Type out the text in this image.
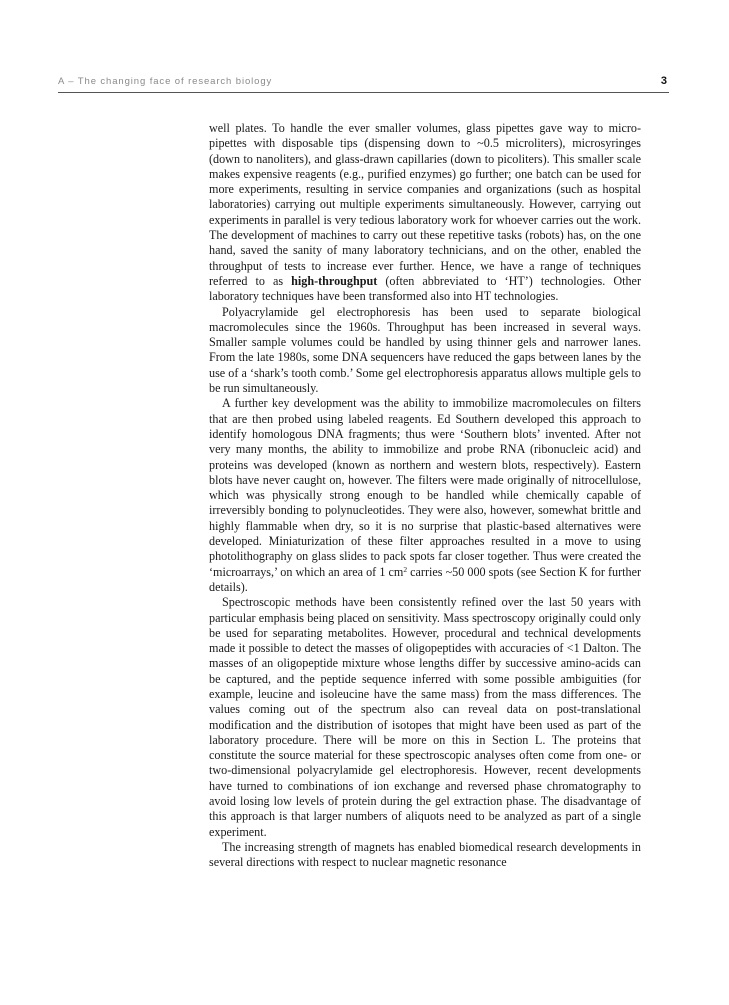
A – The changing face of research biology	3

well plates. To handle the ever smaller volumes, glass pipettes gave way to micro-pipettes with disposable tips (dispensing down to ~0.5 microliters), microsyringes (down to nanoliters), and glass-drawn capillaries (down to picoliters). This smaller scale makes expensive reagents (e.g., purified enzymes) go further; one batch can be used for more experiments, resulting in service companies and organizations (such as hospital laboratories) carrying out multiple experiments simultaneously. However, carrying out experiments in parallel is very tedious laboratory work for whoever carries out the work. The development of machines to carry out these repetitive tasks (robots) has, on the one hand, saved the sanity of many laboratory technicians, and on the other, enabled the throughput of tests to increase ever further. Hence, we have a range of techniques referred to as high-throughput (often abbreviated to ‘HT’) technologies. Other laboratory techniques have been transformed also into HT technologies.

Polyacrylamide gel electrophoresis has been used to separate biological macromolecules since the 1960s. Throughput has been increased in several ways. Smaller sample volumes could be handled by using thinner gels and narrower lanes. From the late 1980s, some DNA sequencers have reduced the gaps between lanes by the use of a ‘shark’s tooth comb.’ Some gel electrophoresis apparatus allows multiple gels to be run simultaneously.

A further key development was the ability to immobilize macromolecules on filters that are then probed using labeled reagents. Ed Southern developed this approach to identify homologous DNA fragments; thus were ‘Southern blots’ invented. After not very many months, the ability to immobilize and probe RNA (ribonucleic acid) and proteins was developed (known as northern and western blots, respectively). Eastern blots have never caught on, however. The filters were made originally of nitrocellulose, which was physically strong enough to be handled while chemically capable of irreversibly bonding to polynucleotides. They were also, however, somewhat brittle and highly flammable when dry, so it is no surprise that plastic-based alternatives were developed. Miniaturization of these filter approaches resulted in a move to using photolithography on glass slides to pack spots far closer together. Thus were created the ‘microarrays,’ on which an area of 1 $cm^2$ carries ~50 000 spots (see Section K for further details).

Spectroscopic methods have been consistently refined over the last 50 years with particular emphasis being placed on sensitivity. Mass spectroscopy originally could only be used for separating metabolites. However, procedural and technical developments made it possible to detect the masses of oligopeptides with accuracies of <1 Dalton. The masses of an oligopeptide mixture whose lengths differ by successive amino-acids can be captured, and the peptide sequence inferred with some possible ambiguities (for example, leucine and isoleucine have the same mass) from the mass differences. The values coming out of the spectrum also can reveal data on post-translational modification and the distribution of isotopes that might have been used as part of the laboratory procedure. There will be more on this in Section L. The proteins that constitute the source material for these spectroscopic analyses often come from one- or two-dimensional polyacrylamide gel electrophoresis. However, recent developments have turned to combinations of ion exchange and reversed phase chromatography to avoid losing low levels of protein during the gel extraction phase. The disadvantage of this approach is that larger numbers of aliquots need to be analyzed as part of a single experiment.

The increasing strength of magnets has enabled biomedical research developments in several directions with respect to nuclear magnetic resonance
